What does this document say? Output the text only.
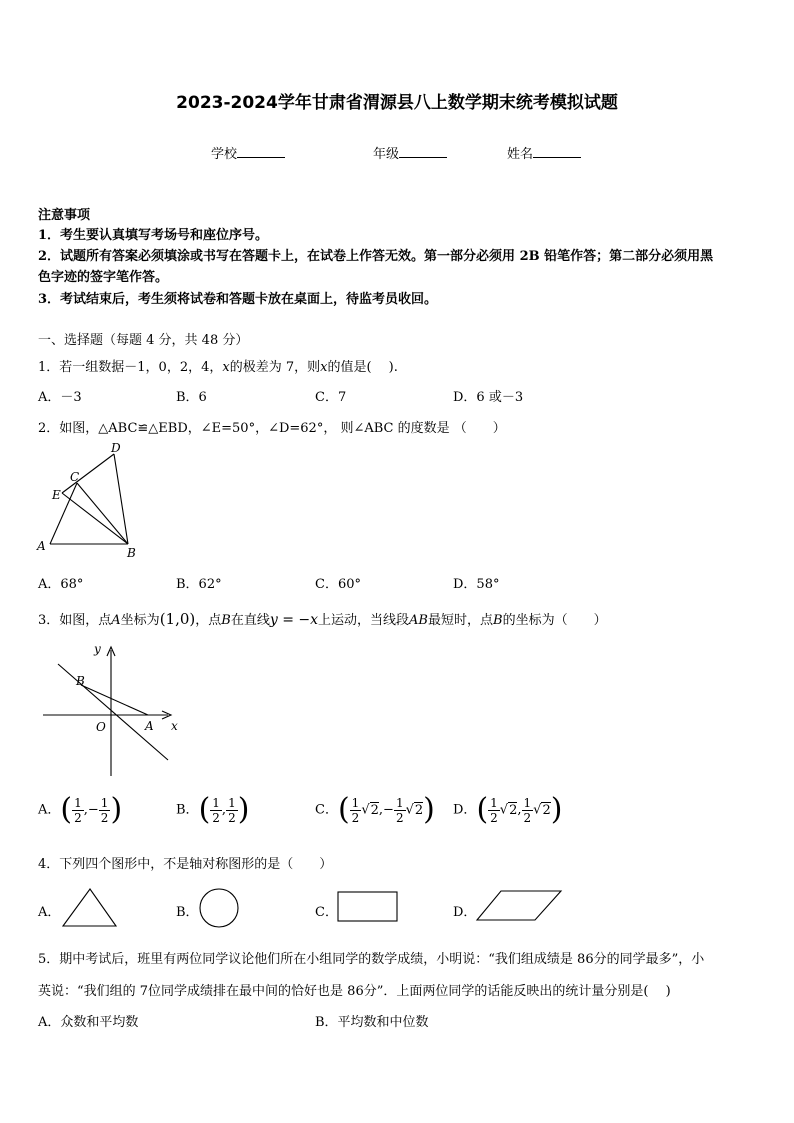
2023-2024学年甘肃省渭源县八上数学期末统考模拟试题
学校	年级	姓名
注意事项
1．考生要认真填写考场号和座位序号。
2．试题所有答案必须填涂或书写在答题卡上，在试卷上作答无效。第一部分必须用 2B 铅笔作答；第二部分必须用黑
色字迹的签字笔作答。
3．考试结束后，考生须将试卷和答题卡放在桌面上，待监考员收回。
一、选择题（每题 4 分，共 48 分）
1．若一组数据－1，0，2，4，x的极差为 7，则x的值是(　 ).
A．－3	B．6	C．7	D．6 或－3
2．如图，△ABC≌△EBD，∠E=50°，∠D=62°， 则∠ABC 的度数是 （　　）
D
C
E
A	B
A．68°	B．62°	C．60°	D．58°
3．如图，点A坐标为(1,0)，点B在直线y = −x上运动，当线段AB最短时，点B的坐标为（　　）
y
x
B
O	A
A．( $\frac{1}{2}$ ,− $\frac{1}{2}$ )	B．( $\frac{1}{2}$ , $\frac{1}{2}$ )	C．( $\frac{1}{2} √2,- \frac{1}{2} √2$) D．( $\frac{1}{2} √2$, $\frac{1}{2} √2$)
4．下列四个图形中，不是轴对称图形的是（　　）
A．	B．	C．	D．
5．期中考试后，班里有两位同学议论他们所在小组同学的数学成绩，小明说：“我们组成绩是 86分的同学最多”，小
英说：“我们组的 7位同学成绩排在最中间的恰好也是 86分”．上面两位同学的话能反映出的统计量分别是(　 )
A．众数和平均数	B．平均数和中位数
